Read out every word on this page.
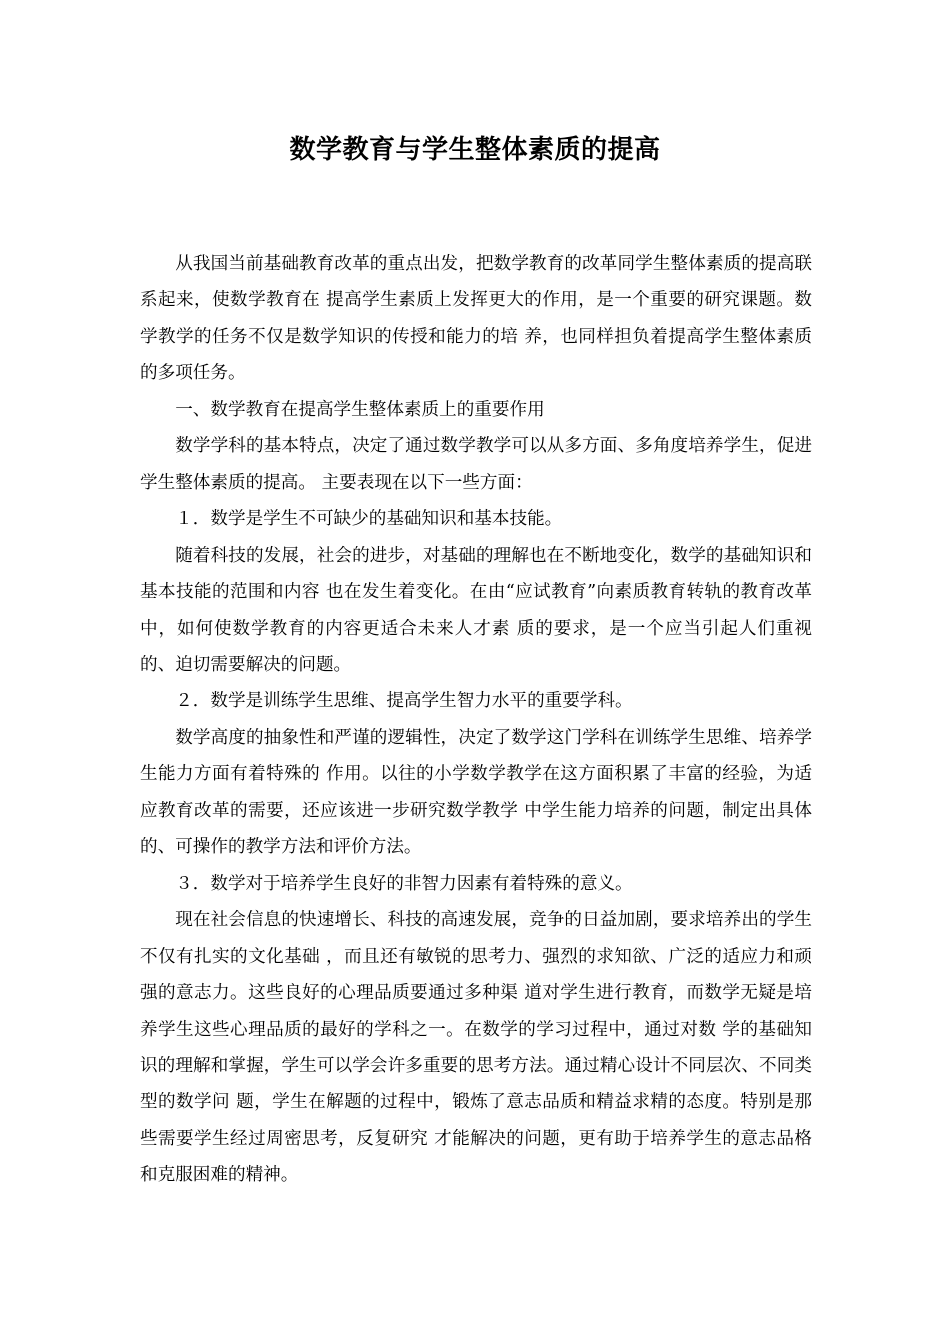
数学教育与学生整体素质的提高

从我国当前基础教育改革的重点出发，把数学教育的改革同学生整体素质的提高联系起来，使数学教育在 提高学生素质上发挥更大的作用，是一个重要的研究课题。数学教学的任务不仅是数学知识的传授和能力的培 养，也同样担负着提高学生整体素质的多项任务。

一、数学教育在提高学生整体素质上的重要作用

数学学科的基本特点，决定了通过数学教学可以从多方面、多角度培养学生，促进学生整体素质的提高。 主要表现在以下一些方面：

１．数学是学生不可缺少的基础知识和基本技能。

随着科技的发展，社会的进步，对基础的理解也在不断地变化，数学的基础知识和基本技能的范围和内容 也在发生着变化。在由“应试教育”向素质教育转轨的教育改革中，如何使数学教育的内容更适合未来人才素 质的要求，是一个应当引起人们重视的、迫切需要解决的问题。

２．数学是训练学生思维、提高学生智力水平的重要学科。

数学高度的抽象性和严谨的逻辑性，决定了数学这门学科在训练学生思维、培养学生能力方面有着特殊的 作用。以往的小学数学教学在这方面积累了丰富的经验，为适应教育改革的需要，还应该进一步研究数学教学 中学生能力培养的问题，制定出具体的、可操作的教学方法和评价方法。

３．数学对于培养学生良好的非智力因素有着特殊的意义。

现在社会信息的快速增长、科技的高速发展，竞争的日益加剧，要求培养出的学生不仅有扎实的文化基础 ，而且还有敏锐的思考力、强烈的求知欲、广泛的适应力和顽强的意志力。这些良好的心理品质要通过多种渠 道对学生进行教育，而数学无疑是培养学生这些心理品质的最好的学科之一。在数学的学习过程中，通过对数 学的基础知识的理解和掌握，学生可以学会许多重要的思考方法。通过精心设计不同层次、不同类型的数学问 题，学生在解题的过程中，锻炼了意志品质和精益求精的态度。特别是那些需要学生经过周密思考，反复研究 才能解决的问题，更有助于培养学生的意志品格和克服困难的精神。
